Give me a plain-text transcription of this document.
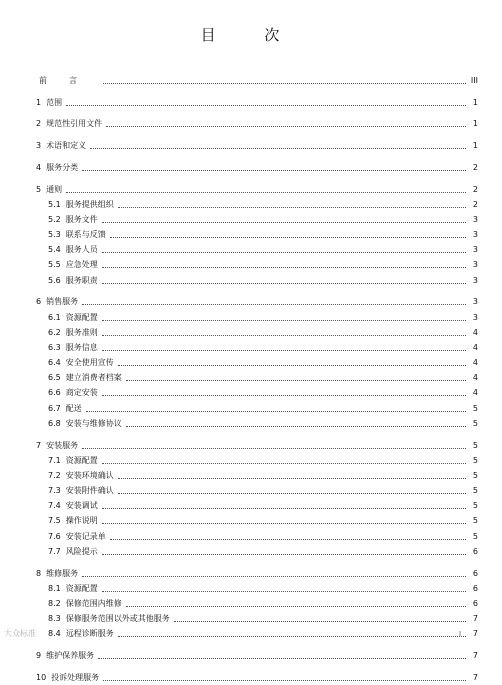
目 次
前言	III
1 范围	1
2 规范性引用文件	1
3 术语和定义	1
4 服务分类	2
5 通则	2
5.1 服务提供组织	2
5.2 服务文件	3
5.3 联系与反馈	3
5.4 服务人员	3
5.5 应急处理	3
5.6 服务职责	3
6 销售服务	3
6.1 资源配置	3
6.2 服务准则	4
6.3 服务信息	4
6.4 安全使用宣传	4
6.5 建立消费者档案	4
6.6 商定安装	4
6.7 配送	5
6.8 安装与维修协议	5
7 安装服务	5
7.1 资源配置	5
7.2 安装环境确认	5
7.3 安装附件确认	5
7.4 安装调试	5
7.5 操作说明	5
7.6 安装记录单	5
7.7 风险提示	6
8 维修服务	6
8.1 资源配置	6
8.2 保修范围内维修	6
8.3 保修服务范围以外或其他服务	7
8.4 远程诊断服务	7
9 维护保养服务	7
10 投诉处理服务	7
大众标准	I
